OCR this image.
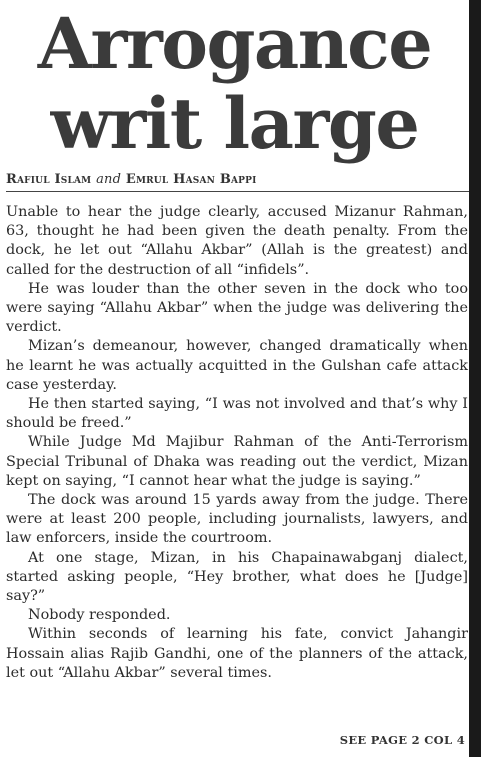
Arrogance
writ large
Rafiul Islam and Emrul Hasan Bappi

Unable to hear the judge clearly, accused Mizanur Rahman, 63, thought he had been given the death penalty. From the dock, he let out “Allahu Akbar” (Allah is the greatest) and called for the destruction of all “infidels”.

He was louder than the other seven in the dock who too were saying “Allahu Akbar” when the judge was delivering the verdict.

Mizan’s demeanour, however, changed dramatically when he learnt he was actually acquitted in the Gulshan cafe attack case yesterday.

He then started saying, “I was not involved and that’s why I should be freed.”

While Judge Md Majibur Rahman of the Anti-Terrorism Special Tribunal of Dhaka was reading out the verdict, Mizan kept on saying, “I cannot hear what the judge is saying.”

The dock was around 15 yards away from the judge. There were at least 200 people, including journalists, lawyers, and law enforcers, inside the courtroom.

At one stage, Mizan, in his Chapainawabganj dialect, started asking people, “Hey brother, what does he [Judge] say?”

Nobody responded.

Within seconds of learning his fate, convict Jahangir Hossain alias Rajib Gandhi, one of the planners of the attack, let out “Allahu Akbar” several times.

SEE PAGE 2 COL 4
